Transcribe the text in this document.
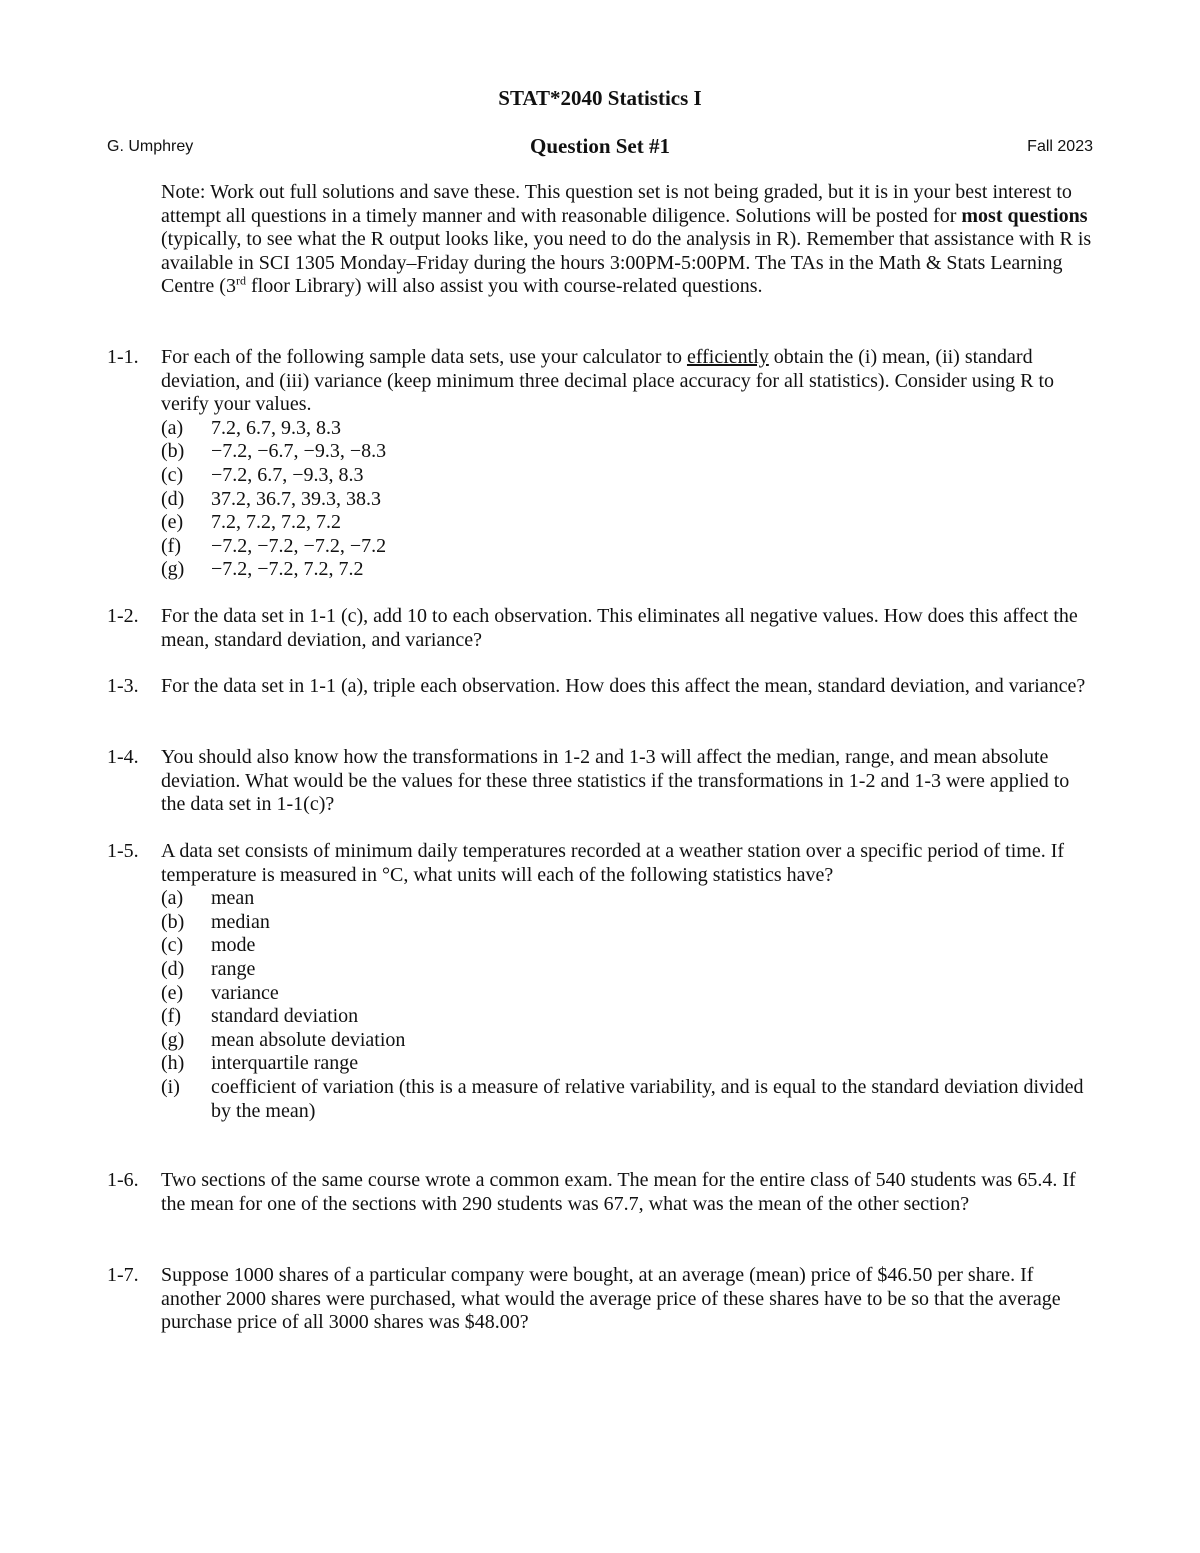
STAT*2040 Statistics I
G. Umphrey	Question Set #1	Fall 2023
Note: Work out full solutions and save these. This question set is not being graded, but it is in your best interest to attempt all questions in a timely manner and with reasonable diligence. Solutions will be posted for most questions (typically, to see what the R output looks like, you need to do the analysis in R). Remember that assistance with R is available in SCI 1305 Monday–Friday during the hours 3:00PM-5:00PM. The TAs in the Math & Stats Learning Centre (3rd floor Library) will also assist you with course-related questions.
1-1.	For each of the following sample data sets, use your calculator to efficiently obtain the (i) mean, (ii) standard deviation, and (iii) variance (keep minimum three decimal place accuracy for all statistics). Consider using R to verify your values.
(a) 7.2, 6.7, 9.3, 8.3
(b) −7.2, −6.7, −9.3, −8.3
(c) −7.2, 6.7, −9.3, 8.3
(d) 37.2, 36.7, 39.3, 38.3
(e) 7.2, 7.2, 7.2, 7.2
(f) −7.2, −7.2, −7.2, −7.2
(g) −7.2, −7.2, 7.2, 7.2
1-2.	For the data set in 1-1 (c), add 10 to each observation. This eliminates all negative values. How does this affect the mean, standard deviation, and variance?
1-3.	For the data set in 1-1 (a), triple each observation. How does this affect the mean, standard deviation, and variance?
1-4.	You should also know how the transformations in 1-2 and 1-3 will affect the median, range, and mean absolute deviation. What would be the values for these three statistics if the transformations in 1-2 and 1-3 were applied to the data set in 1-1(c)?
1-5.	A data set consists of minimum daily temperatures recorded at a weather station over a specific period of time. If temperature is measured in °C, what units will each of the following statistics have?
(a) mean
(b) median
(c) mode
(d) range
(e) variance
(f) standard deviation
(g) mean absolute deviation
(h) interquartile range
(i)	coefficient of variation (this is a measure of relative variability, and is equal to the standard deviation divided by the mean)
1-6.	Two sections of the same course wrote a common exam. The mean for the entire class of 540 students was 65.4. If the mean for one of the sections with 290 students was 67.7, what was the mean of the other section?
1-7.	Suppose 1000 shares of a particular company were bought, at an average (mean) price of $46.50 per share. If another 2000 shares were purchased, what would the average price of these shares have to be so that the average purchase price of all 3000 shares was $48.00?
